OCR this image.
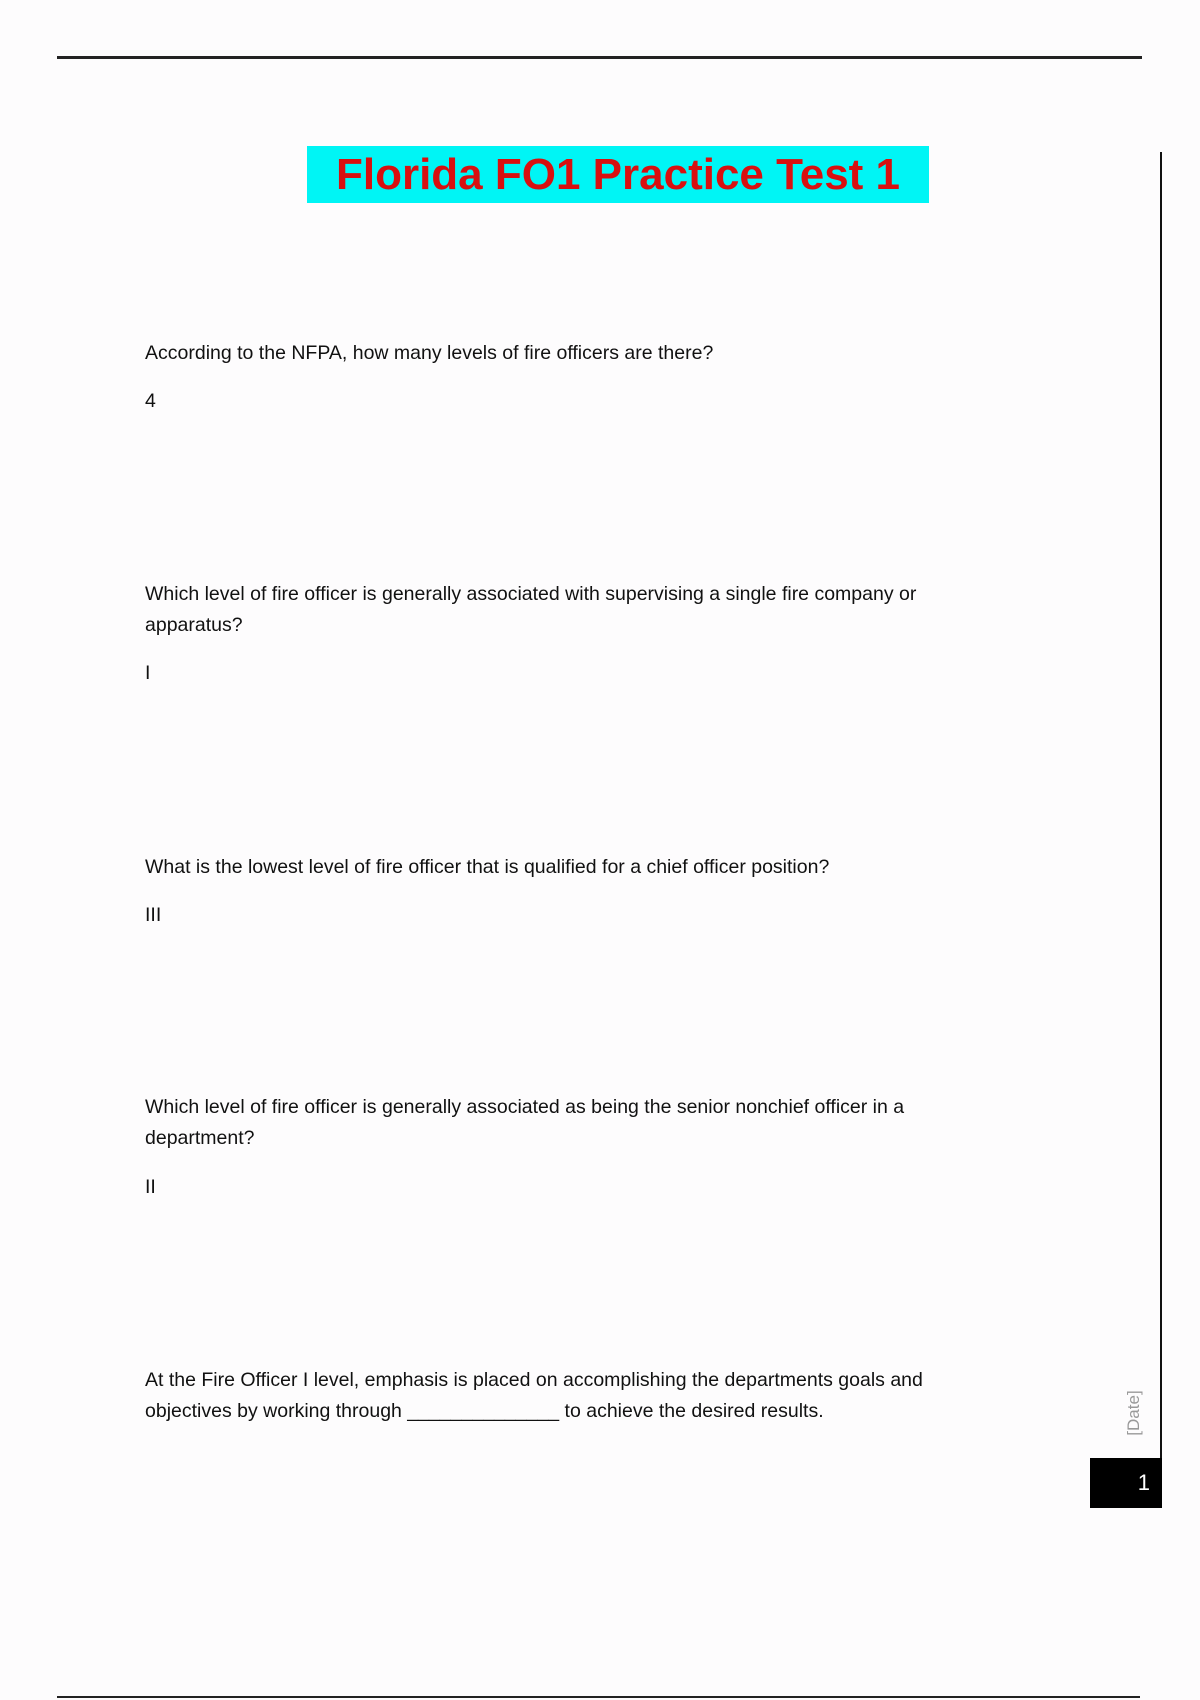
Florida FO1 Practice Test 1
According to the NFPA, how many levels of fire officers are there?
4
Which level of fire officer is generally associated with supervising a single fire company or
apparatus?
I
What is the lowest level of fire officer that is qualified for a chief officer position?
III
Which level of fire officer is generally associated as being the senior nonchief officer in a
department?
II
At the Fire Officer I level, emphasis is placed on accomplishing the departments goals and
objectives by working through ______________ to achieve the desired results.	[Date]
1
